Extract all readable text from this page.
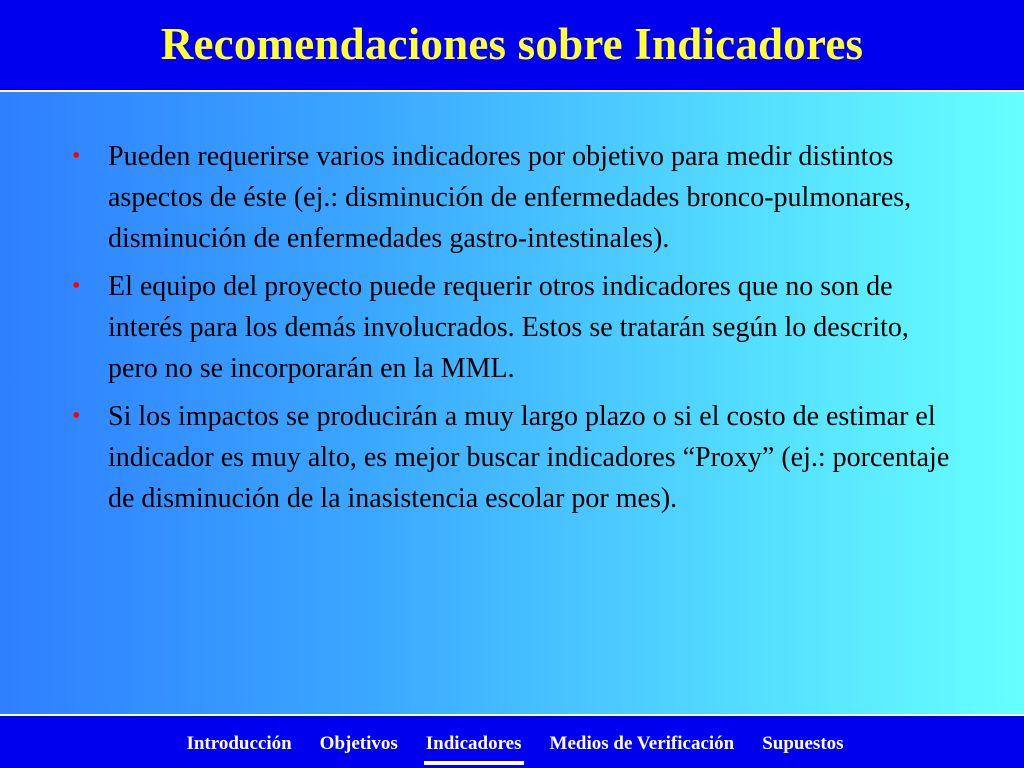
Recomendaciones sobre Indicadores
• Pueden requerirse varios indicadores por objetivo para medir distintos aspectos de éste (ej.: disminución de enfermedades bronco-pulmonares, disminución de enfermedades gastro-intestinales).
• El equipo del proyecto puede requerir otros indicadores que no son de interés para los demás involucrados. Estos se tratarán según lo descrito, pero no se incorporarán en la MML.
• Si los impactos se producirán a muy largo plazo o si el costo de estimar el indicador es muy alto, es mejor buscar indicadores “Proxy” (ej.: porcentaje de disminución de la inasistencia escolar por mes).
Introducción	Objetivos	Indicadores	Medios de Verificación	Supuestos
